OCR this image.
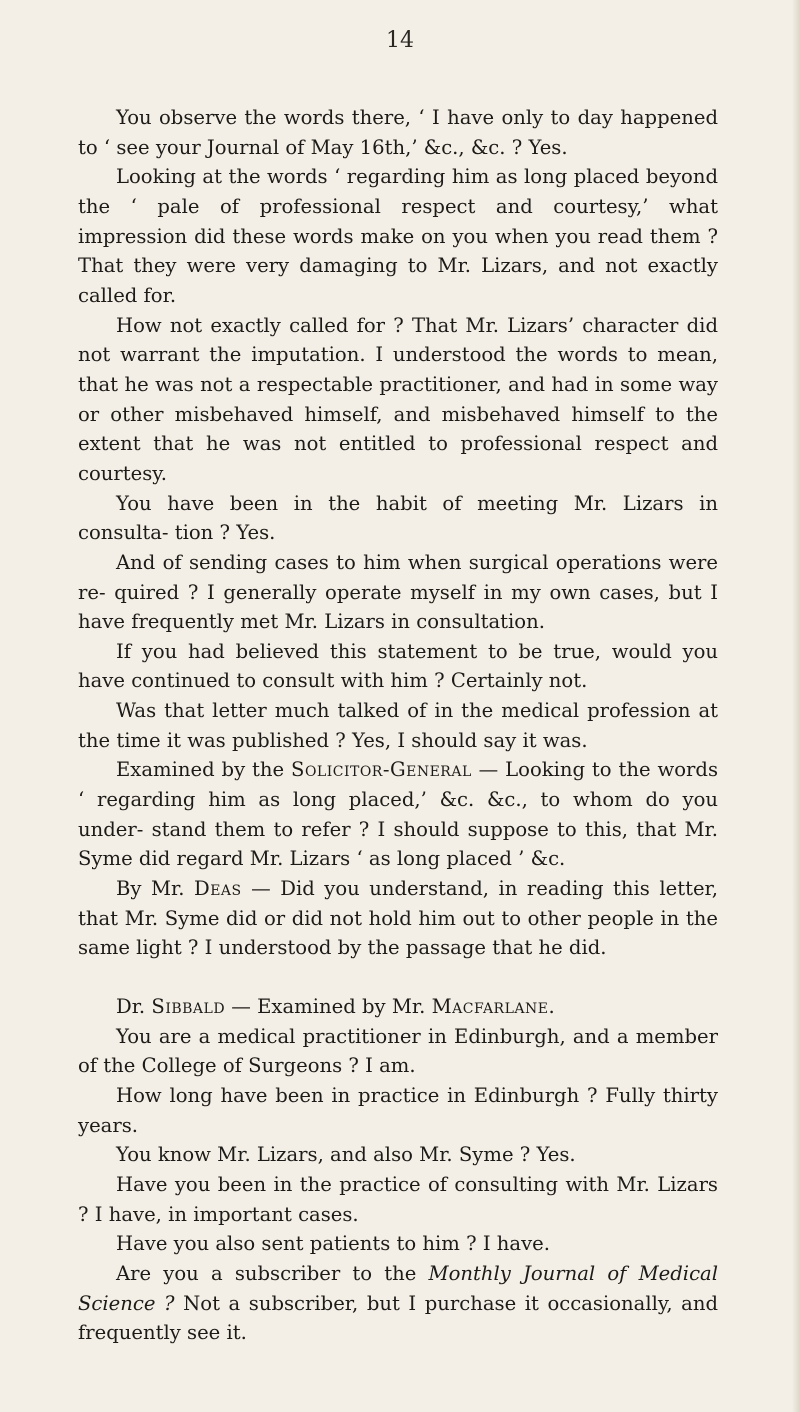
14

You observe the words there, ‘ I have only to day happened to ‘ see your Journal of May 16th,’ &c., &c. ? Yes.

Looking at the words ‘ regarding him as long placed beyond the ‘ pale of professional respect and courtesy,’ what impression did these words make on you when you read them ? That they were very damaging to Mr. Lizars, and not exactly called for.

How not exactly called for ? That Mr. Lizars’ character did not warrant the imputation. I understood the words to mean, that he was not a respectable practitioner, and had in some way or other misbehaved himself, and misbehaved himself to the extent that he was not entitled to professional respect and courtesy.

You have been in the habit of meeting Mr. Lizars in consulta- tion ? Yes.

And of sending cases to him when surgical operations were re- quired ? I generally operate myself in my own cases, but I have frequently met Mr. Lizars in consultation.

If you had believed this statement to be true, would you have continued to consult with him ? Certainly not.

Was that letter much talked of in the medical profession at the time it was published ? Yes, I should say it was.

Examined by the Solicitor-General — Looking to the words ‘ regarding him as long placed,’ &c. &c., to whom do you under- stand them to refer ? I should suppose to this, that Mr. Syme did regard Mr. Lizars ‘ as long placed ’ &c.

By Mr. Deas — Did you understand, in reading this letter, that Mr. Syme did or did not hold him out to other people in the same light ? I understood by the passage that he did.

Dr. Sibbald — Examined by Mr. Macfarlane.

You are a medical practitioner in Edinburgh, and a member of the College of Surgeons ? I am.

How long have been in practice in Edinburgh ? Fully thirty years.

You know Mr. Lizars, and also Mr. Syme ? Yes.

Have you been in the practice of consulting with Mr. Lizars ? I have, in important cases.

Have you also sent patients to him ? I have.

Are you a subscriber to the Monthly Journal of Medical Science ? Not a subscriber, but I purchase it occasionally, and frequently see it.
